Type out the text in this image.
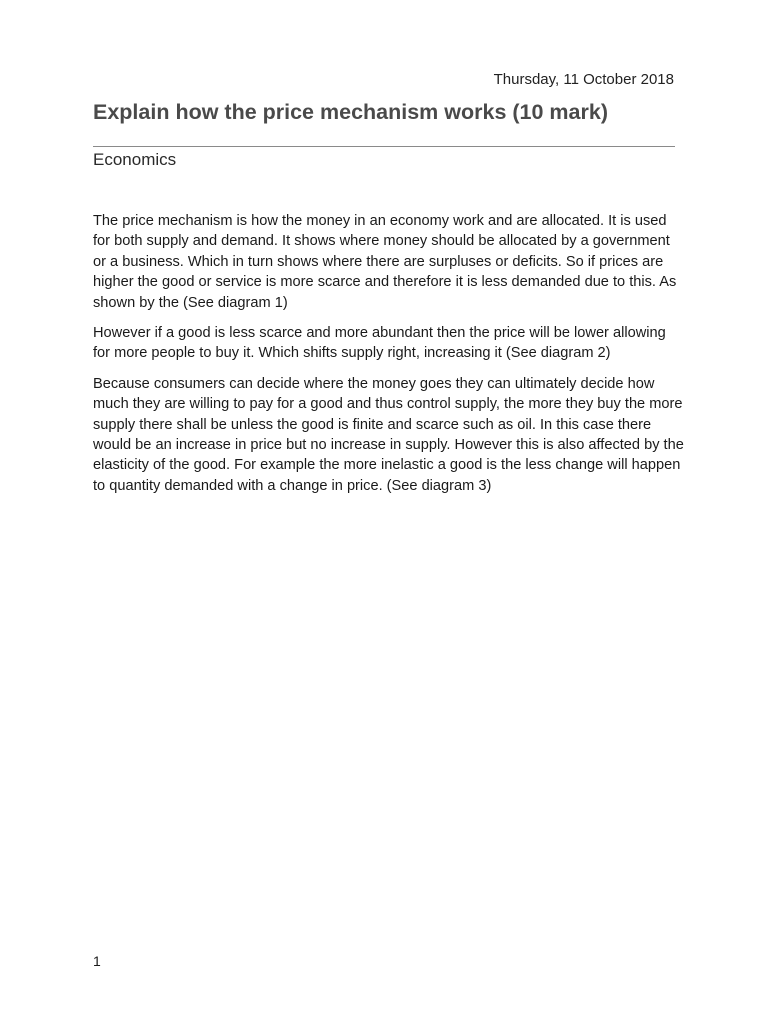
Thursday, 11 October 2018
Explain how the price mechanism works (10 mark)
Economics

The price mechanism is how the money in an economy work and are allocated. It is used for both supply and demand. It shows where money should be allocated by a government or a business. Which in turn shows where there are surpluses or deficits. So if prices are higher the good or service is more scarce and therefore it is less demanded due to this. As shown by the (See diagram 1)

However if a good is less scarce and more abundant then the price will be lower allowing for more people to buy it. Which shifts supply right, increasing it (See diagram 2)

Because consumers can decide where the money goes they can ultimately decide how much they are willing to pay for a good and thus control supply, the more they buy the more supply there shall be unless the good is finite and scarce such as oil. In this case there would be an increase in price but no increase in supply. However this is also affected by the elasticity of the good. For example the more inelastic a good is the less change will happen to quantity demanded with a change in price. (See diagram 3)

1
